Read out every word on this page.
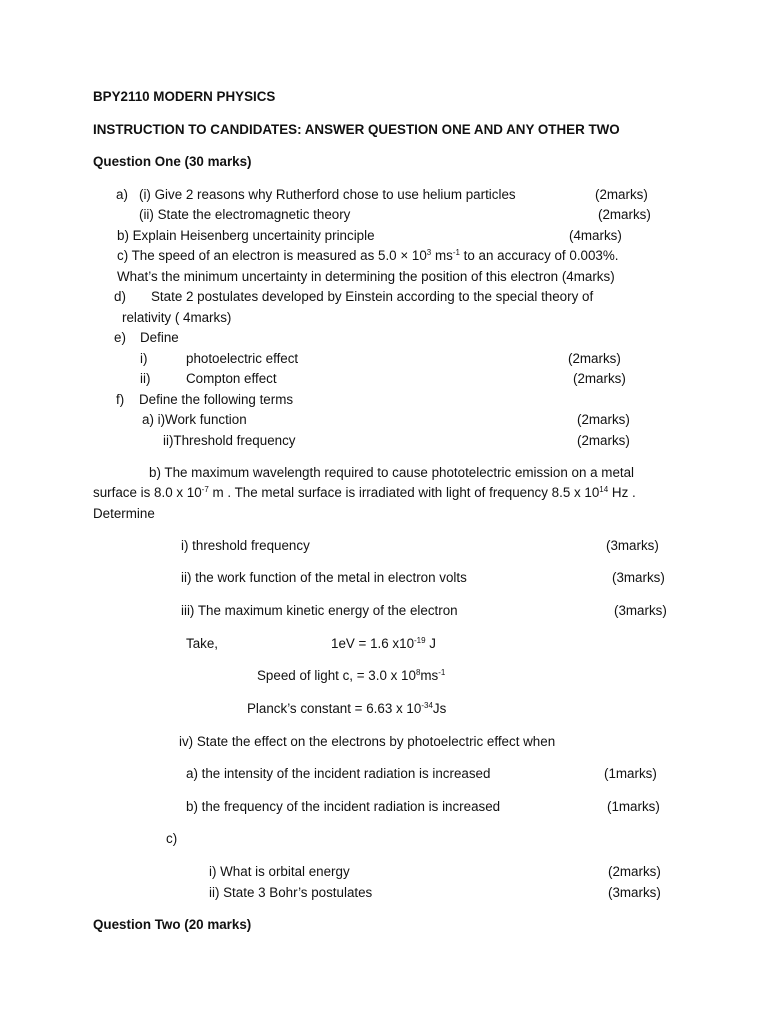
BPY2110 MODERN PHYSICS
INSTRUCTION TO CANDIDATES: ANSWER QUESTION ONE AND ANY OTHER TWO
Question One (30 marks)
a) (i) Give 2 reasons why Rutherford chose to use helium particles	(2marks)
(ii) State the electromagnetic theory	(2marks)
b) Explain Heisenberg uncertainity principle	(4marks)
c) The speed of an electron is measured as $5.0 \times 10^3$ $ms^{-1}$ to an accuracy of 0.003%.
What’s the minimum uncertainty in determining the position of this electron (4marks)
d) State 2 postulates developed by Einstein according to the special theory of
relativity ( 4marks)
e) Define
i)	photoelectric effect	(2marks)
ii)	Compton effect	(2marks)
f) Define the following terms
a) i)Work function	(2marks)
ii)Threshold frequency	(2marks)
b) The maximum wavelength required to cause phototelectric emission on a metal
surface is 8.0 x $10^{-7}$ m . The metal surface is irradiated with light of frequency 8.5 x $10^{14}$ Hz .
Determine
i) threshold frequency	(3marks)
ii) the work function of the metal in electron volts	(3marks)
iii) The maximum kinetic energy of the electron	(3marks)
Take,	1eV = 1.6 $x10^{-19}$ J
Speed of light c, = 3.0 x $10^8ms^{-1}$
Planck’s constant = 6.63 x $10^{-34}Js$
iv) State the effect on the electrons by photoelectric effect when
a) the intensity of the incident radiation is increased	(1marks)
b) the frequency of the incident radiation is increased	(1marks)
c)
i) What is orbital energy	(2marks)
ii) State 3 Bohr’s postulates	(3marks)
Question Two (20 marks)
